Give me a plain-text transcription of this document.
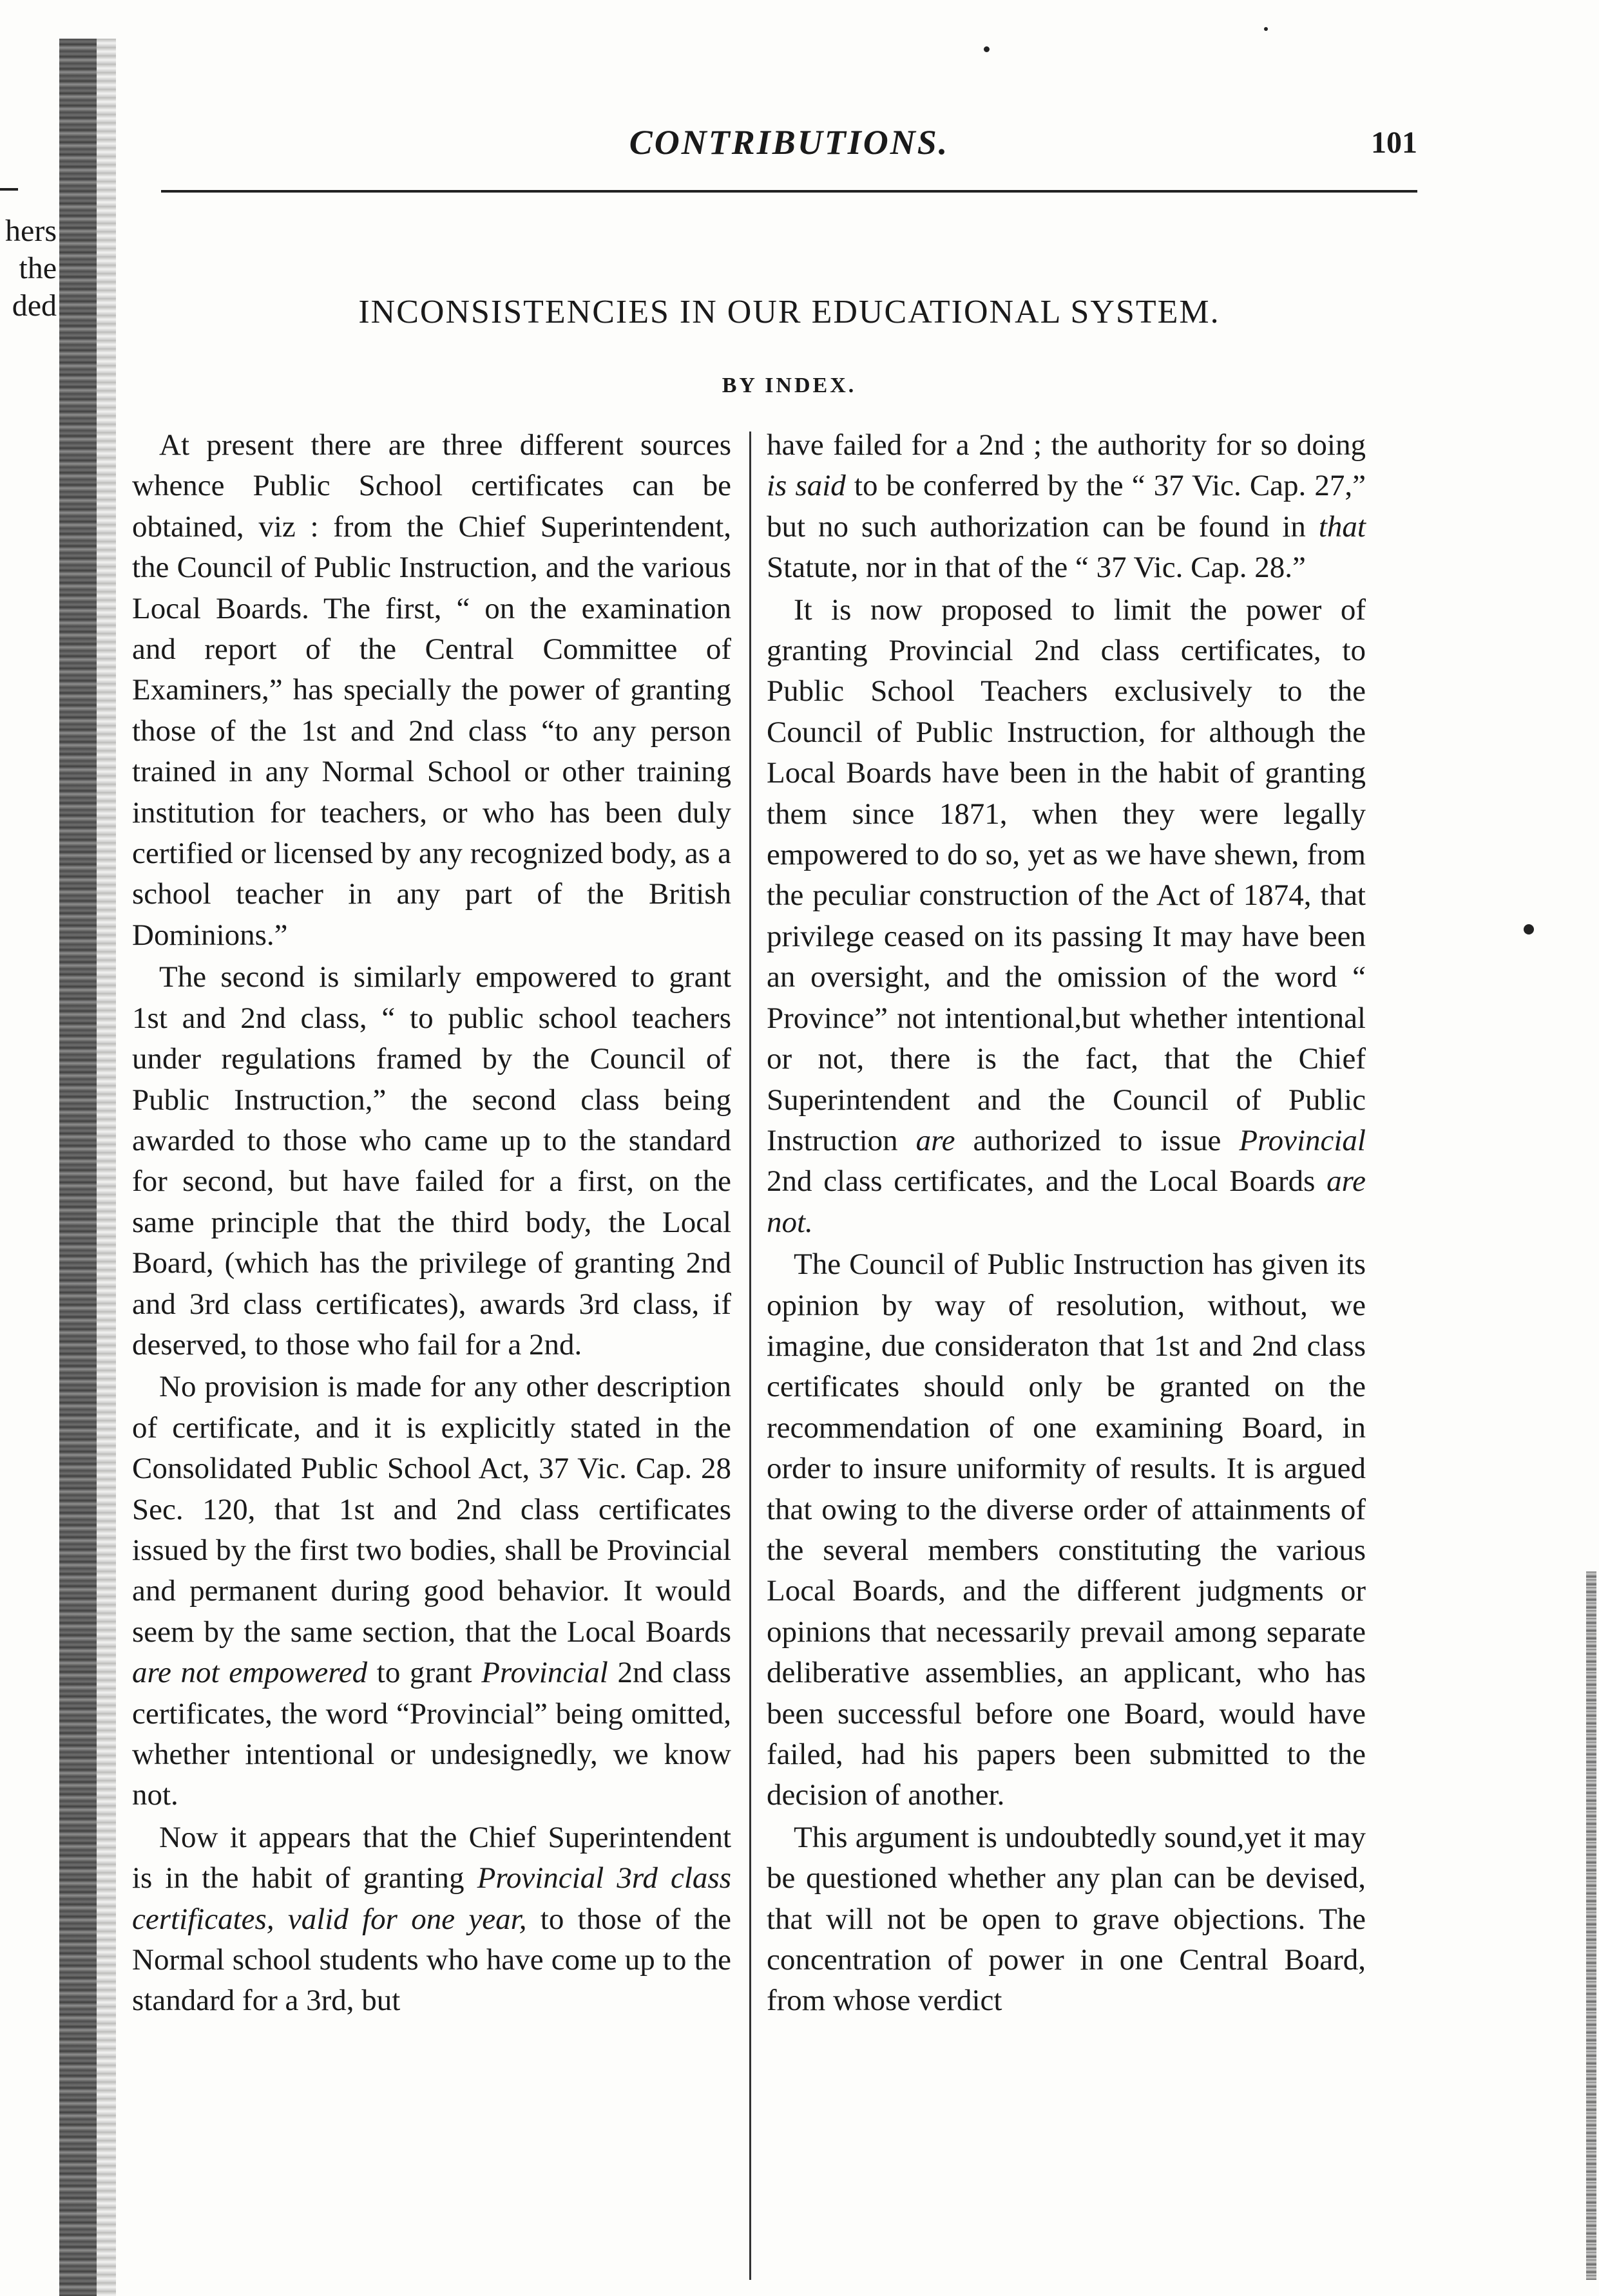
hers
the
ded
CONTRIBUTIONS.	101
INCONSISTENCIES IN OUR EDUCATIONAL SYSTEM.
BY INDEX.

At present there are three different sources whence Public School certificates can be obtained, viz : from the Chief Superintendent, the Council of Public Instruction, and the various Local Boards. The first, “ on the examination and report of the Central Committee of Examiners,” has specially the power of granting those of the 1st and 2nd class “to any person trained in any Normal School or other training institution for teachers, or who has been duly certified or licensed by any recognized body, as a school teacher in any part of the British Dominions.”

The second is similarly empowered to grant 1st and 2nd class, “ to public school teachers under regulations framed by the Council of Public Instruction,” the second class being awarded to those who came up to the standard for second, but have failed for a first, on the same principle that the third body, the Local Board, (which has the privilege of granting 2nd and 3rd class certificates), awards 3rd class, if deserved, to those who fail for a 2nd.

No provision is made for any other description of certificate, and it is explicitly stated in the Consolidated Public School Act, 37 Vic. Cap. 28 Sec. 120, that 1st and 2nd class certificates issued by the first two bodies, shall be Provincial and permanent during good behavior. It would seem by the same section, that the Local Boards are not empowered to grant Provincial 2nd class certificates, the word “Provincial” being omitted, whether intentional or undesignedly, we know not.

Now it appears that the Chief Superintendent is in the habit of granting Provincial 3rd class certificates, valid for one year, to those of the Normal school students who have come up to the standard for a 3rd, but

have failed for a 2nd ; the authority for so doing is said to be conferred by the “ 37 Vic. Cap. 27,” but no such authorization can be found in that Statute, nor in that of the “ 37 Vic. Cap. 28.”

It is now proposed to limit the power of granting Provincial 2nd class certificates, to Public School Teachers exclusively to the Council of Public Instruction, for although the Local Boards have been in the habit of granting them since 1871, when they were legally empowered to do so, yet as we have shewn, from the peculiar construction of the Act of 1874, that privilege ceased on its passing It may have been an oversight, and the omission of the word “ Province” not intentional,but whether intentional or not, there is the fact, that the Chief Superintendent and the Council of Public Instruction are authorized to issue Provincial 2nd class certificates, and the Local Boards are not.

The Council of Public Instruction has given its opinion by way of resolution, without, we imagine, due consideraton that 1st and 2nd class certificates should only be granted on the recommendation of one examining Board, in order to insure uniformity of results. It is argued that owing to the diverse order of attainments of the several members constituting the various Local Boards, and the different judgments or opinions that necessarily prevail among separate deliberative assemblies, an applicant, who has been successful before one Board, would have failed, had his papers been submitted to the decision of another.

This argument is undoubtedly sound,yet it may be questioned whether any plan can be devised, that will not be open to grave objections. The concentration of power in one Central Board, from whose verdict
